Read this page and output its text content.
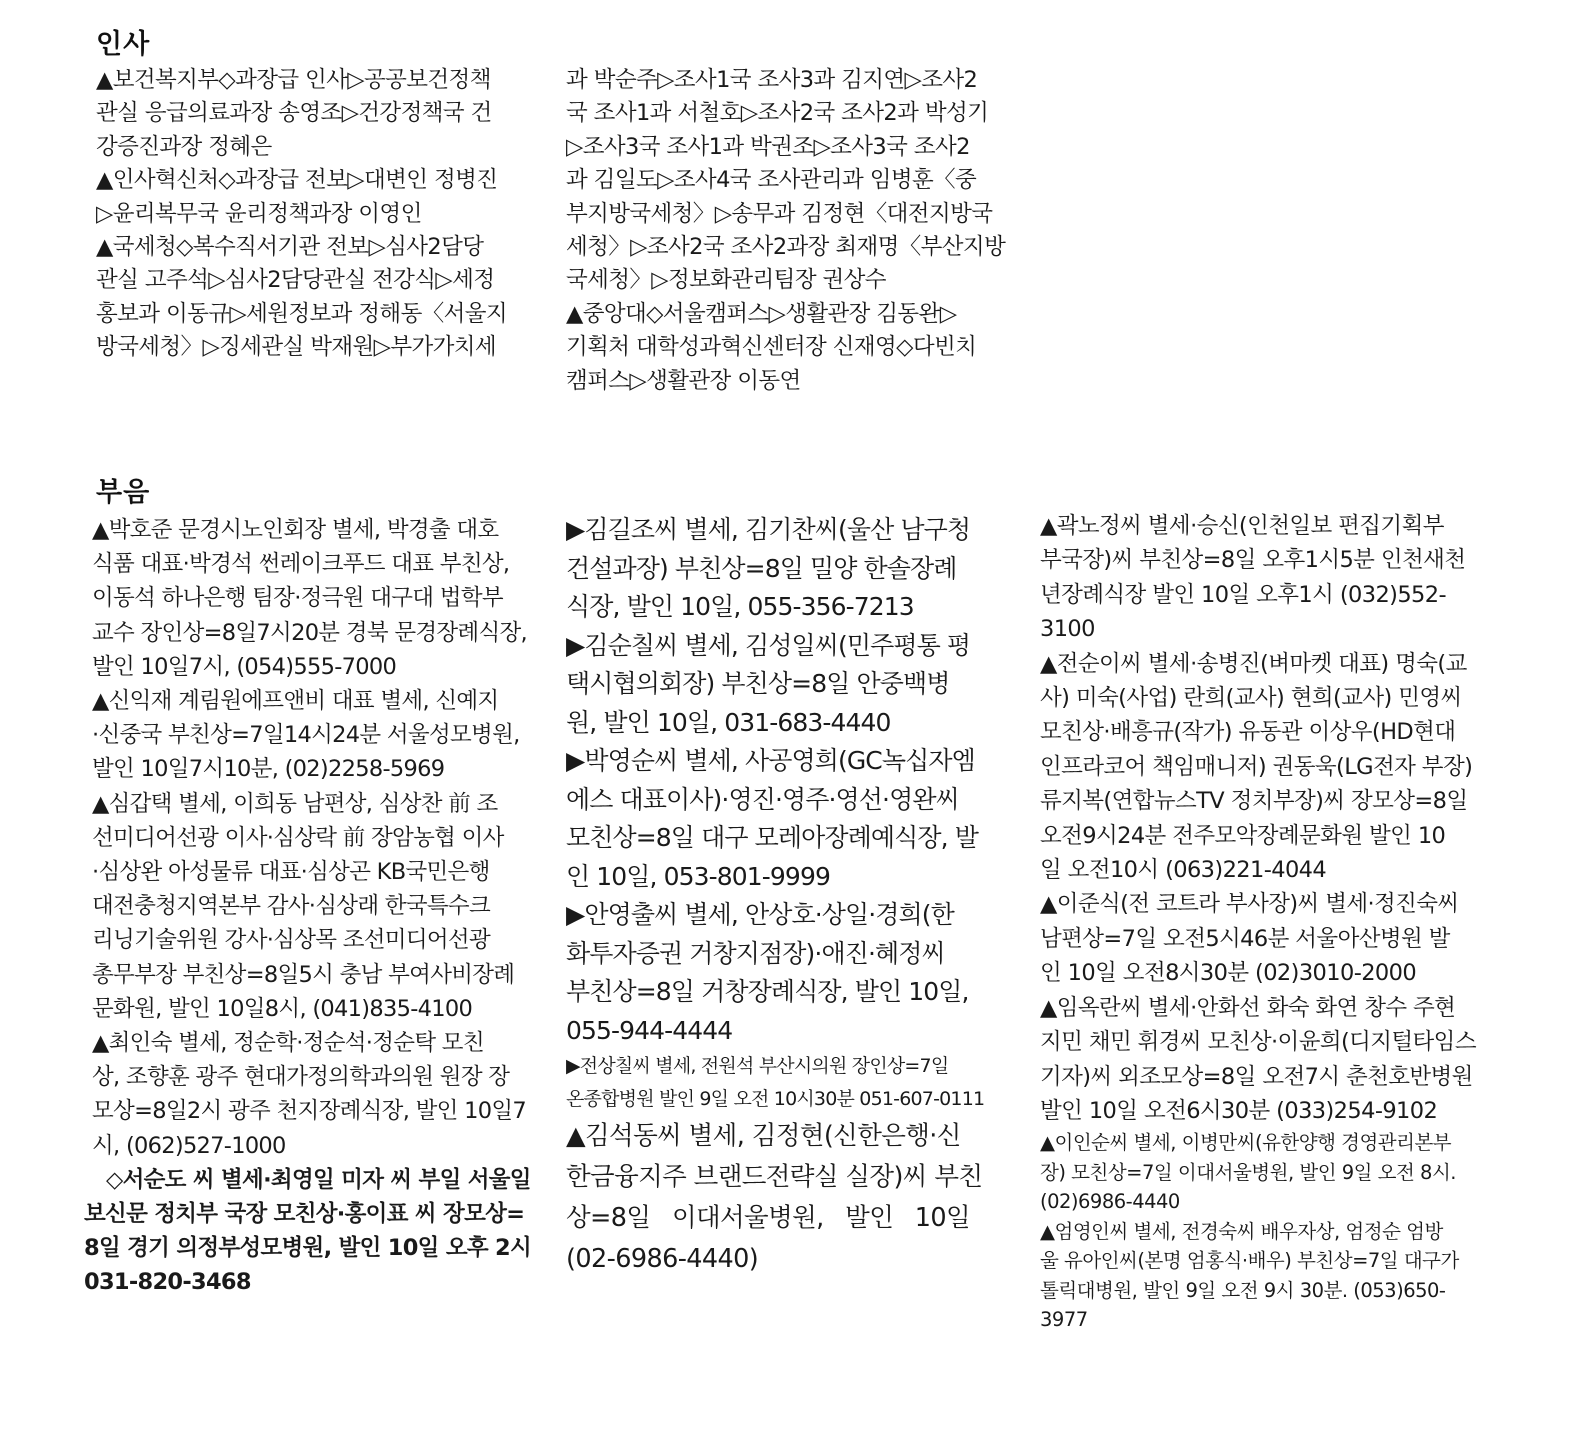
인사
▲보건복지부◇과장급 인사▷공공보건정책
관실 응급의료과장 송영조▷건강정책국 건
강증진과장 정혜은
▲인사혁신처◇과장급 전보▷대변인 정병진
▷윤리복무국 윤리정책과장 이영인
▲국세청◇복수직서기관 전보▷심사2담당
관실 고주석▷심사2담당관실 전강식▷세정
홍보과 이동규▷세원정보과 정해동〈서울지
방국세청〉▷징세관실 박재원▷부가가치세
과 박순주▷조사1국 조사3과 김지연▷조사2
국 조사1과 서철호▷조사2국 조사2과 박성기
▷조사3국 조사1과 박권조▷조사3국 조사2
과 김일도▷조사4국 조사관리과 임병훈〈중
부지방국세청〉▷송무과 김정현〈대전지방국
세청〉▷조사2국 조사2과장 최재명〈부산지방
국세청〉▷정보화관리팀장 권상수
▲중앙대◇서울캠퍼스▷생활관장 김동완▷
기획처 대학성과혁신센터장 신재영◇다빈치
캠퍼스▷생활관장 이동연
부음
▲박호준 문경시노인회장 별세, 박경출 대호
식품 대표·박경석 썬레이크푸드 대표 부친상,
이동석 하나은행 팀장·정극원 대구대 법학부
교수 장인상=8일7시20분 경북 문경장례식장,
발인 10일7시, (054)555-7000
▲신익재 계림원에프앤비 대표 별세, 신예지
·신중국 부친상=7일14시24분 서울성모병원,
발인 10일7시10분, (02)2258-5969
▲심갑택 별세, 이희동 남편상, 심상찬 前 조
선미디어선광 이사·심상락 前 장암농협 이사
·심상완 아성물류 대표·심상곤 KB국민은행
대전충청지역본부 감사·심상래 한국특수크
리닝기술위원 강사·심상목 조선미디어선광
총무부장 부친상=8일5시 충남 부여사비장례
문화원, 발인 10일8시, (041)835-4100
▲최인숙 별세, 정순학·정순석·정순탁 모친
상, 조향훈 광주 현대가정의학과의원 원장 장
모상=8일2시 광주 천지장례식장, 발인 10일7
시, (062)527-1000
◇서순도 씨 별세·최영일 미자 씨 부일 서울일
보신문 정치부 국장 모친상·홍이표 씨 장모상=
8일 경기 의정부성모병원, 발인 10일 오후 2시
031-820-3468
▶김길조씨 별세, 김기찬씨(울산 남구청
건설과장) 부친상=8일 밀양 한솔장례
식장, 발인 10일, 055-356-7213
▶김순칠씨 별세, 김성일씨(민주평통 평
택시협의회장) 부친상=8일 안중백병
원, 발인 10일, 031-683-4440
▶박영순씨 별세, 사공영희(GC녹십자엠
에스 대표이사)·영진·영주·영선·영완씨
모친상=8일 대구 모레아장례예식장, 발
인 10일, 053-801-9999
▶안영출씨 별세, 안상호·상일·경희(한
화투자증권 거창지점장)·애진·혜정씨
부친상=8일 거창장례식장, 발인 10일,
055-944-4444
▶전상칠씨 별세, 전원석 부산시의원 장인상=7일
온종합병원 발인 9일 오전 10시30분 051-607-0111
▲김석동씨 별세, 김정현(신한은행·신
한금융지주 브랜드전략실 실장)씨 부친
상=8일 이대서울병원, 발인 10일
(02-6986-4440)
▲곽노정씨 별세·승신(인천일보 편집기획부
부국장)씨 부친상=8일 오후1시5분 인천새천
년장례식장 발인 10일 오후1시 (032)552-
3100
▲전순이씨 별세·송병진(벼마켓 대표) 명숙(교
사) 미숙(사업) 란희(교사) 현희(교사) 민영씨
모친상·배흥규(작가) 유동관 이상우(HD현대
인프라코어 책임매니저) 권동욱(LG전자 부장)
류지복(연합뉴스TV 정치부장)씨 장모상=8일
오전9시24분 전주모악장례문화원 발인 10
일 오전10시 (063)221-4044
▲이준식(전 코트라 부사장)씨 별세·정진숙씨
남편상=7일 오전5시46분 서울아산병원 발
인 10일 오전8시30분 (02)3010-2000
▲임옥란씨 별세·안화선 화숙 화연 창수 주현
지민 채민 휘경씨 모친상·이윤희(디지털타임스
기자)씨 외조모상=8일 오전7시 춘천호반병원
발인 10일 오전6시30분 (033)254-9102
▲이인순씨 별세, 이병만씨(유한양행 경영관리본부
장) 모친상=7일 이대서울병원, 발인 9일 오전 8시.
(02)6986-4440
▲엄영인씨 별세, 전경숙씨 배우자상, 엄정순 엄방
울 유아인씨(본명 엄홍식·배우) 부친상=7일 대구가
톨릭대병원, 발인 9일 오전 9시 30분. (053)650-
3977
